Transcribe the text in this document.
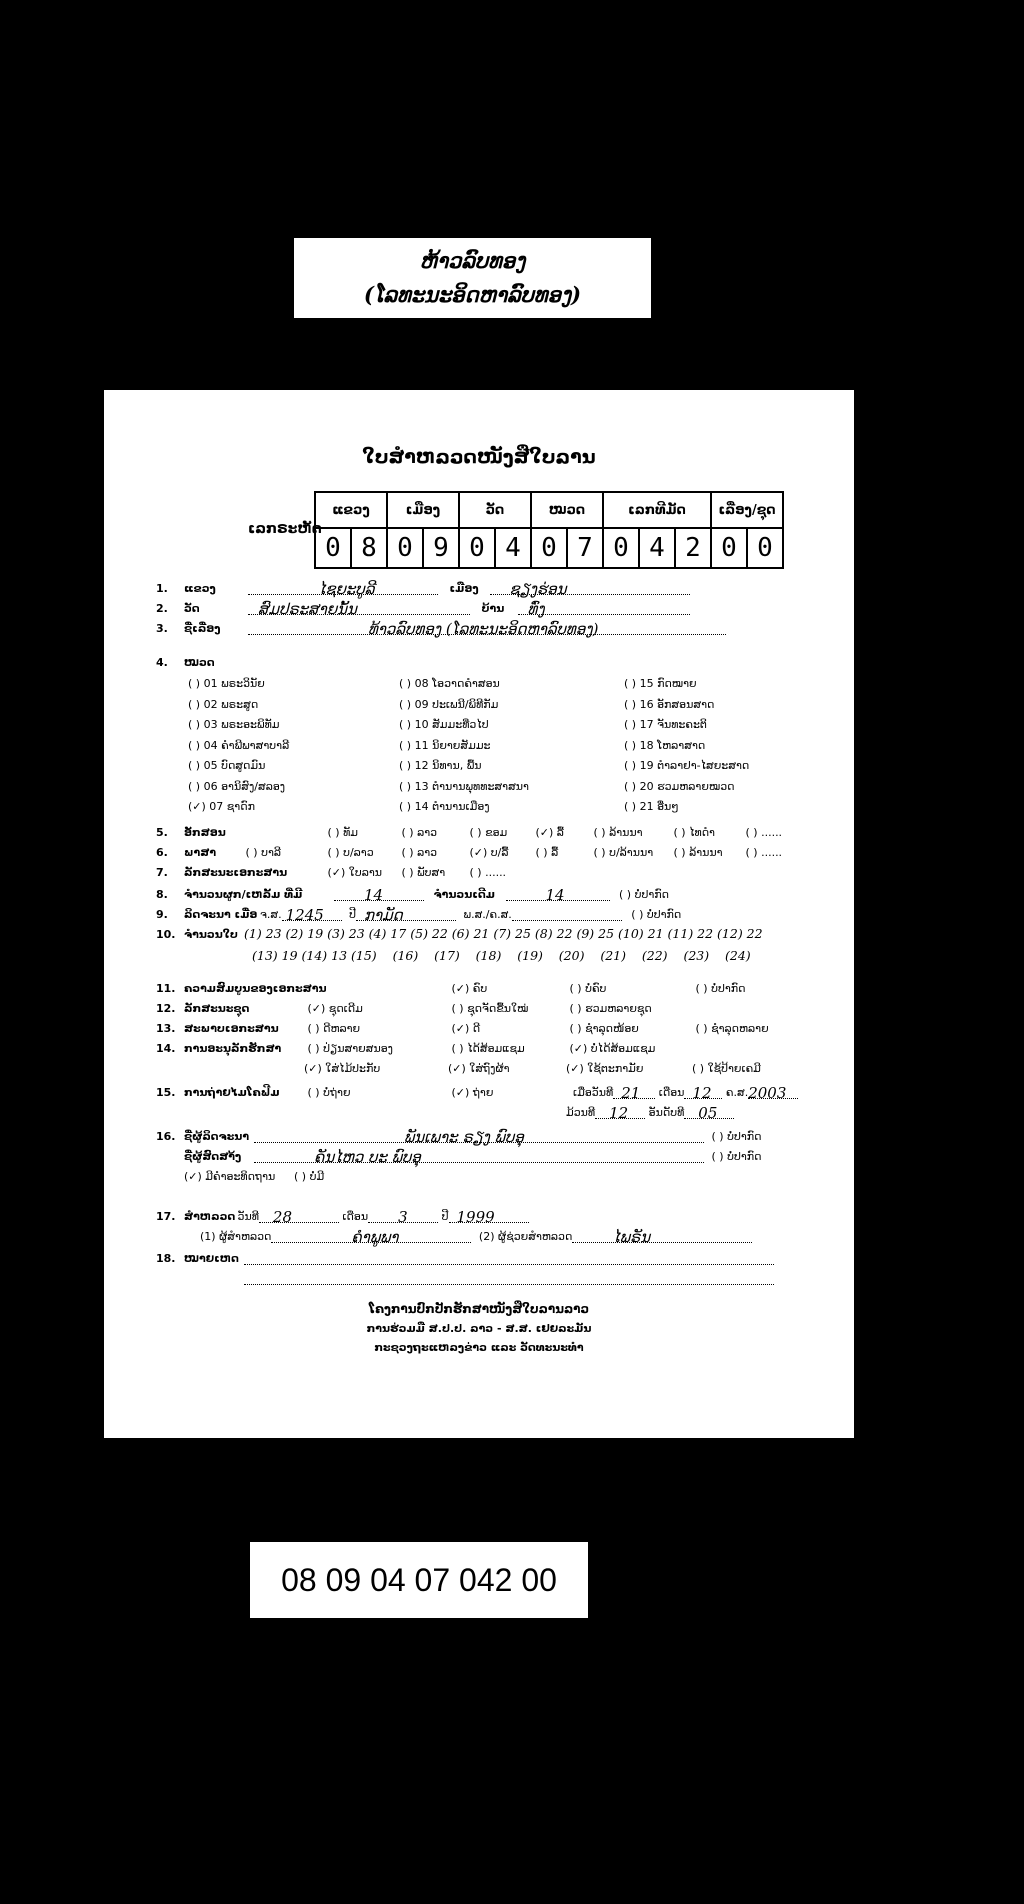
ຫ້າວລົບທອງ
(ໂລທະນະອິດຫາລົບທອງ)
ໃບສຳຫລວດໜັງສືໃບລານ
ເລກຣະຫັດ
ແຂວງ		ເມືອງ		ວັດ		ໝວດ		ເລກທີມັດ			ເລື່ອງ/ຊຸດ	
0	8	0	9	0	4	0	7	0	4	2	0	0
1. ແຂວງ	ໄຊຍະບູລີ	ເມືອງ ຊຽງຮ່ອນ
2. ວັດ	ສົມປຣະສາຍນັ້ນ	ບ້ານ ທົ່ງ
3. ຊື່ເລື່ອງ	ທ້າວລົບທອງ (ໂລທະນະອິດຫາລົບທອງ)
4. ໝວດ
( ) 01 ພຣະວິນັຍ
( ) 02 ພຣະສູດ
( ) 03 ພຣະອະພິທັມ
( ) 04 ຄຳພີພາສາບາລີ
( ) 05 ບົດສູດມົນ
( ) 06 ອານິສົງ/ສລອງ
(✓) 07 ຊາດົກ
( ) 08 ໂອວາດຄຳສອນ
( ) 09 ປະເພນີ/ພິທີກັມ
( ) 10 ສັມມະທີ່ວໄປ
( ) 11 ນິຍາຍສັມມະ
( ) 12 ນິທານ, ພື້ນ
( ) 13 ຕຳນານພຸທທະສາສນາ
( ) 14 ຕຳນານເມືອງ
( ) 15 ກົດໝາຍ
( ) 16 ອັກສອນສາດ
( ) 17 ຈັນທະຄະຕິ
( ) 18 ໂຫລາສາດ
( ) 19 ຕຳລາຢາ-ໄສຍະສາດ
( ) 20 ຮວມຫລາຍໝວດ
( ) 21 ອື່ນໆ
5. ອັກສອນ	( ) ທັມ	( ) ລາວ	( ) ຂອມ	(✓) ລື້	( ) ລ້ານນາ	( ) ໄທດຳ	( ) ......
6. ພາສາ	( ) ບາລີ	( ) ບ/ລາວ	( ) ລາວ	(✓) ບ/ລື້ ( ) ລື້	( ) ບ/ລ້ານນາ ( ) ລ້ານນາ ( ) ......
7. ລັກສະນະເອກະສານ	(✓) ໃບລານ ( ) ພັບສາ ( ) ......
8. ຈຳນວນຜູກ/ເຫລັ້ມ ທີ່ມີ	14	ຈຳນວນເດີມ	14	( ) ບໍ່ປາກົດ
9. ລິດຈະນາ ເມື່ອ ຈ.ສ. 1245 ປີ ກາມັດ	ພ.ສ./ຄ.ສ.	( ) ບໍ່ປາກົດ
10. ຈຳນວນໃບ (1) 23 (2) 19 (3) 23 (4) 17 (5) 22 (6) 21 (7) 25 (8) 22 (9) 25 (10) 21 (11) 22 (12) 22
(13) 19 (14) 13 (15)    (16)    (17)    (18)    (19)    (20)    (21)    (22)    (23)    (24)
11. ຄວາມສົມບູນຂອງເອກະສານ	(✓) ຄົບ	( ) ບໍ່ຄົບ	( ) ບໍ່ປາກົດ
12. ລັກສະນະຊຸດ	(✓) ຊຸດເດີມ	( ) ຊຸດຈັດຂື້ນໃໝ່	( ) ຮວມຫລາຍຊຸດ
13. ສະພາບເອກະສານ	( ) ດີຫລາຍ	(✓) ດີ	( ) ຊຳລຸດໜ້ອຍ	( ) ຊຳລຸດຫລາຍ
14. ການອະນຸລັກຮັກສາ ( ) ປ່ຽນສາຍສນອງ	( ) ໄດ້ສ້ອມແຊມ	(✓) ບໍ່ໄດ້ສ້ອມແຊມ
(✓) ໃສ່ໄມ້ປະກັບ	(✓) ໃສ່ຖົງຜ້າ	(✓) ໃຊ້ຕະກາມັຍ	( ) ໃຊ້ປ້າຍເຄມີ
15. ການຖ່າຍໄມໂຄຟີມ	( ) ບໍ່ຖ່າຍ	(✓) ຖ່າຍ	ເມື່ອວັນທີ 21 ເດືອນ 12 ຄ.ສ.2003
ມ້ວນທີ 12 ອັນດັບທີ 05
16. ຊື່ຜູ້ລິດຈະນາ	ພັນເພາະ ຣຽງ ພົບອຸ	( ) ບໍ່ປາກົດ
ຊື່ຜູ້ສົດສາ້ງ	ຄັນໄຫວ ບະ ພົບອຸ	( ) ບໍ່ປາກົດ
(✓) ມີຄຳອະທິດຖານ ( ) ບໍ່ມີ
17. ສຳຫລວດ ວັນທີ 28	ເດືອນ 3	ປີ 1999
(1) ຜູ້ສຳຫລວດ	ຄຳພູພາ	(2) ຜູ້ຊ່ວຍສຳຫລວດ	ໄພຣັນ
18. ໝາຍເຫດ
ໂຄງການປົກປັກຮັກສາໜັງສືໃບລານລາວ
ການຮ່ວມມື ສ.ປ.ປ. ລາວ - ສ.ສ. ເຢຍລະມັນ
ກະຊວງຖະແຫລງຂ່າວ ແລະ ວັດທະນະທຳ
08 09 04 07 042 00
